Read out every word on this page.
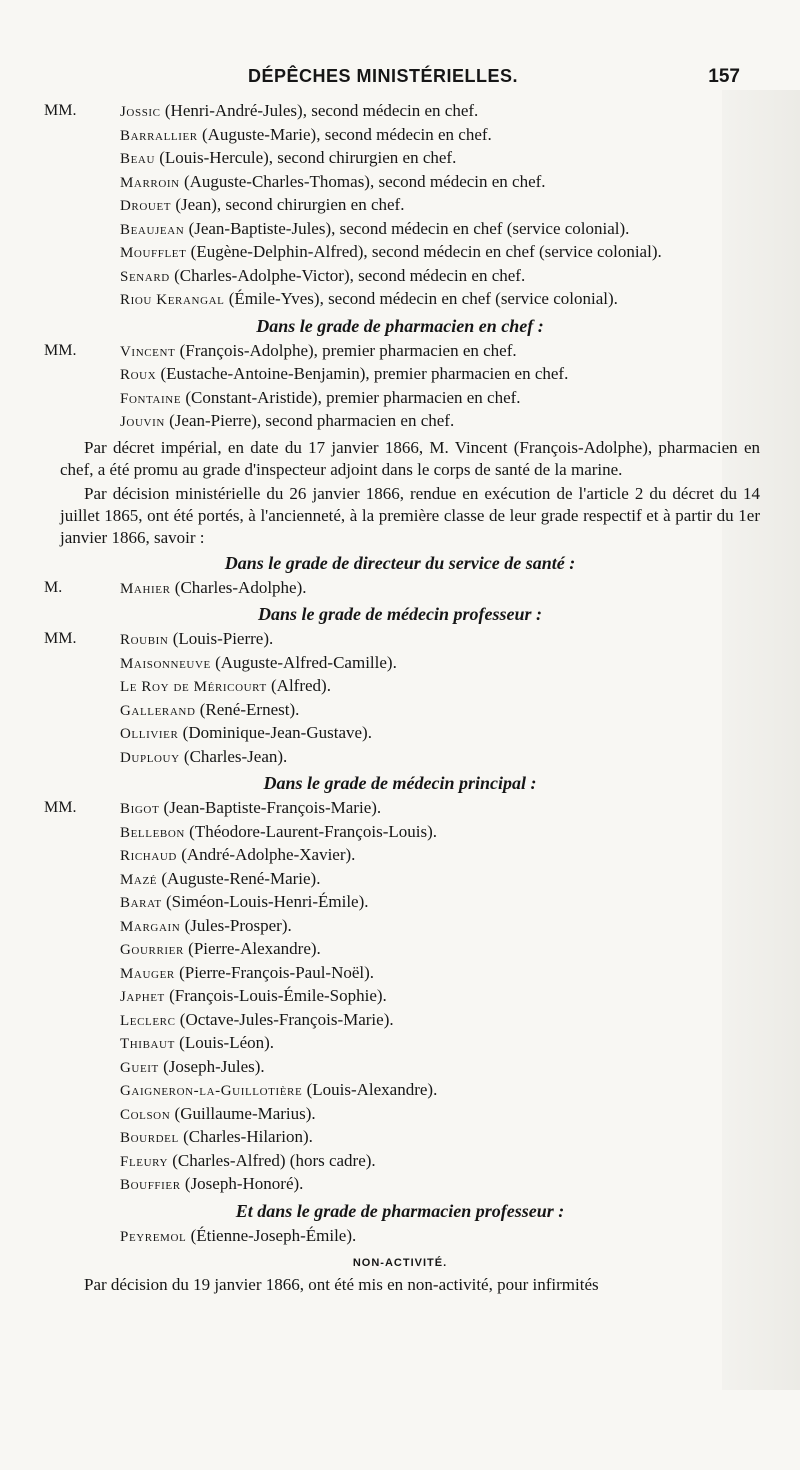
DÉPÊCHES MINISTÉRIELLES.	157
MM.	Jossic (Henri-André-Jules), second médecin en chef.
Barrallier (Auguste-Marie), second médecin en chef.
Beau (Louis-Hercule), second chirurgien en chef.
Marroin (Auguste-Charles-Thomas), second médecin en chef.
Drouet (Jean), second chirurgien en chef.
Beaujean (Jean-Baptiste-Jules), second médecin en chef (service colonial).
Moufflet (Eugène-Delphin-Alfred), second médecin en chef (service colonial).
Senard (Charles-Adolphe-Victor), second médecin en chef.
Riou Kerangal (Émile-Yves), second médecin en chef (service colonial).
Dans le grade de pharmacien en chef :
MM.	Vincent (François-Adolphe), premier pharmacien en chef.
Roux (Eustache-Antoine-Benjamin), premier pharmacien en chef.
Fontaine (Constant-Aristide), premier pharmacien en chef.
Jouvin (Jean-Pierre), second pharmacien en chef.

Par décret impérial, en date du 17 janvier 1866, M. Vincent (François-Adolphe), pharmacien en chef, a été promu au grade d'inspecteur adjoint dans le corps de santé de la marine.

Par décision ministérielle du 26 janvier 1866, rendue en exécution de l'article 2 du décret du 14 juillet 1865, ont été portés, à l'ancienneté, à la première classe de leur grade respectif et à partir du 1er janvier 1866, savoir :

Dans le grade de directeur du service de santé :
M.	Mahier (Charles-Adolphe).
Dans le grade de médecin professeur :
MM.	Roubin (Louis-Pierre).
Maisonneuve (Auguste-Alfred-Camille).
Le Roy de Méricourt (Alfred).
Gallerand (René-Ernest).
Ollivier (Dominique-Jean-Gustave).
Duplouy (Charles-Jean).
Dans le grade de médecin principal :
MM.	Bigot (Jean-Baptiste-François-Marie).
Bellebon (Théodore-Laurent-François-Louis).
Richaud (André-Adolphe-Xavier).
Mazé (Auguste-René-Marie).
Barat (Siméon-Louis-Henri-Émile).
Margain (Jules-Prosper).
Gourrier (Pierre-Alexandre).
Mauger (Pierre-François-Paul-Noël).
Japhet (François-Louis-Émile-Sophie).
Leclerc (Octave-Jules-François-Marie).
Thibaut (Louis-Léon).
Gueit (Joseph-Jules).
Gaigneron-la-Guillotière (Louis-Alexandre).
Colson (Guillaume-Marius).
Bourdel (Charles-Hilarion).
Fleury (Charles-Alfred) (hors cadre).
Bouffier (Joseph-Honoré).
Et dans le grade de pharmacien professeur :
Peyremol (Étienne-Joseph-Émile).
NON-ACTIVITÉ.

Par décision du 19 janvier 1866, ont été mis en non-activité, pour infirmités
